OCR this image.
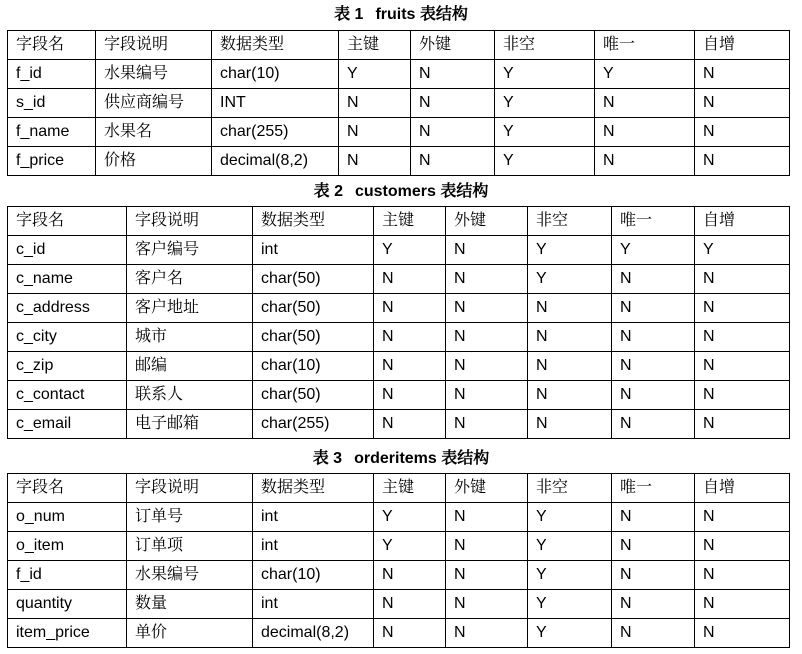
表 1 fruits 表结构
字段名	字段说明	数据类型	主键	外键	非空	唯一	自增
f_id	水果编号	char(10)	Y	N	Y	Y	N
s_id	供应商编号	INT	N	N	Y	N	N
f_name	水果名	char(255)	N	N	Y	N	N
f_price	价格	decimal(8,2)	N	N	Y	N	N
表 2 customers 表结构
字段名	字段说明	数据类型	主键	外键	非空	唯一	自增
c_id	客户编号	int	Y	N	Y	Y	Y
c_name	客户名	char(50)	N	N	Y	N	N
c_address	客户地址	char(50)	N	N	N	N	N
c_city	城市	char(50)	N	N	N	N	N
c_zip	邮编	char(10)	N	N	N	N	N
c_contact	联系人	char(50)	N	N	N	N	N
c_email	电子邮箱	char(255)	N	N	N	N	N
表 3 orderitems 表结构
字段名	字段说明	数据类型	主键	外键	非空	唯一	自增
o_num	订单号	int	Y	N	Y	N	N
o_item	订单项	int	Y	N	Y	N	N
f_id	水果编号	char(10)	N	N	Y	N	N
quantity	数量	int	N	N	Y	N	N
item_price	单价	decimal(8,2)	N	N	Y	N	N
